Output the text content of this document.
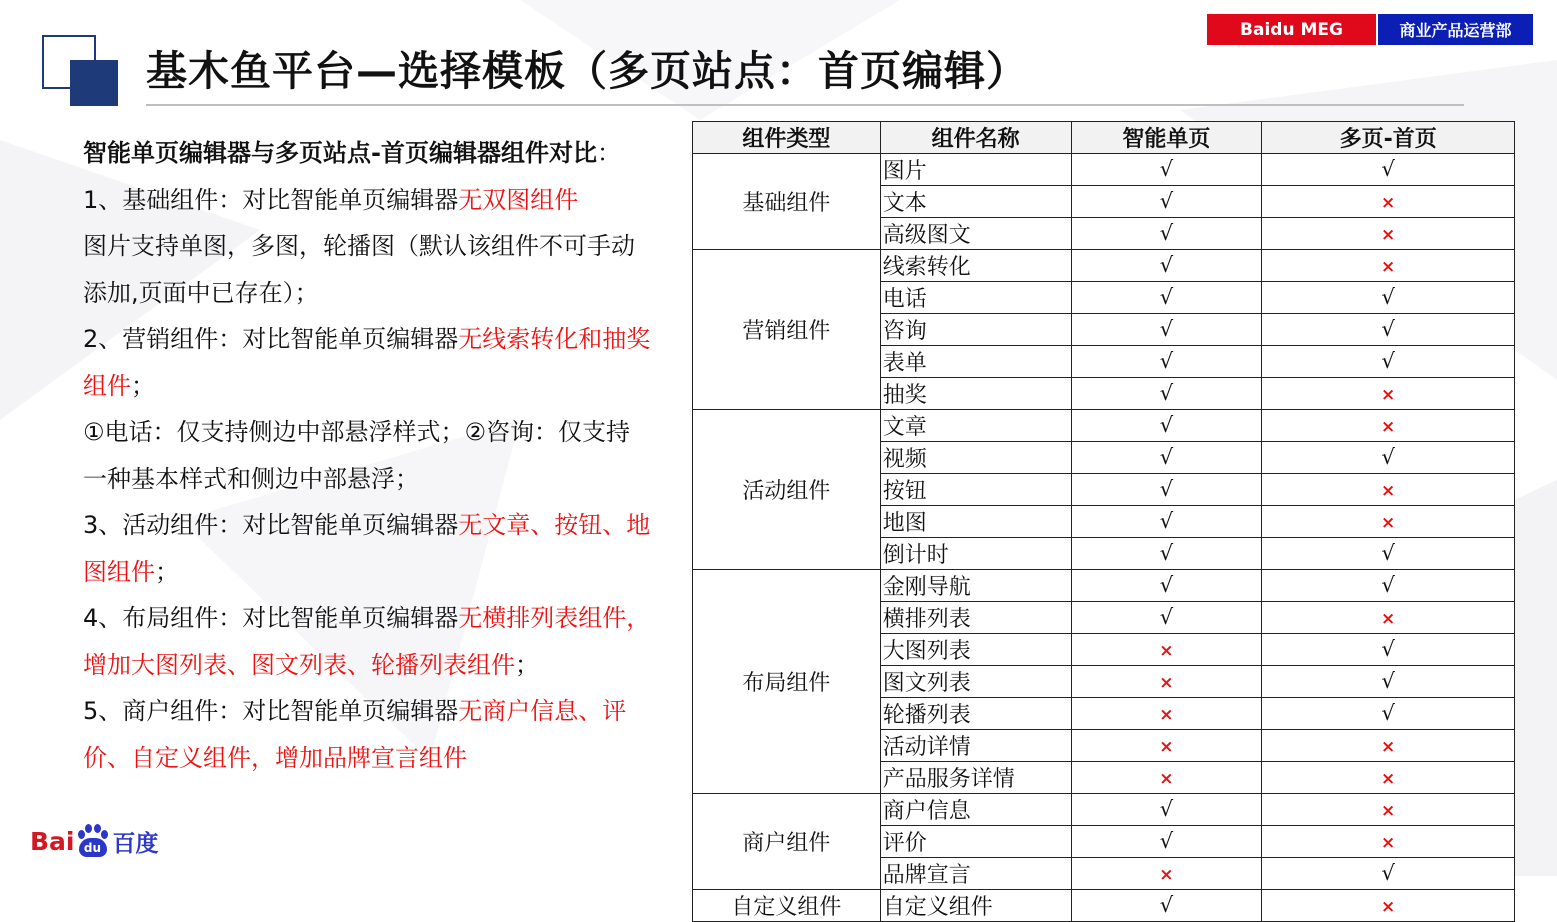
基木鱼平台—选择模板（多页站点：首页编辑）
Baidu MEG	商业产品运营部

智能单页编辑器与多页站点-首页编辑器组件对比：

1、基础组件：对比智能单页编辑器无双图组件

图片支持单图，多图，轮播图（默认该组件不可手动添加,页面中已存在）；

2、营销组件：对比智能单页编辑器无线索转化和抽奖组件；

①电话：仅支持侧边中部悬浮样式；②咨询：仅支持一种基本样式和侧边中部悬浮；

3、活动组件：对比智能单页编辑器无文章、按钮、地图组件；

4、布局组件：对比智能单页编辑器无横排列表组件，增加大图列表、图文列表、轮播列表组件；

5、商户组件：对比智能单页编辑器无商户信息、评价、自定义组件，增加品牌宣言组件

Bai du 百度
组件类型	组件名称	智能单页	多页-首页
基础组件	图片	√	√
	文本	√	×
	高级图文	√	×
营销组件	线索转化	√	×
	电话	√	√
	咨询	√	√
	表单	√	√
	抽奖	√	×
活动组件	文章	√	×
	视频	√	√
	按钮	√	×
	地图	√	×
	倒计时	√	√
布局组件	金刚导航	√	√
	横排列表	√	×
	大图列表	×	√
	图文列表	×	√
	轮播列表	×	√
	活动详情	×	×
	产品服务详情	×	×
商户组件	商户信息	√	×
	评价	√	×
	品牌宣言	×	√
自定义组件	自定义组件	√	×
